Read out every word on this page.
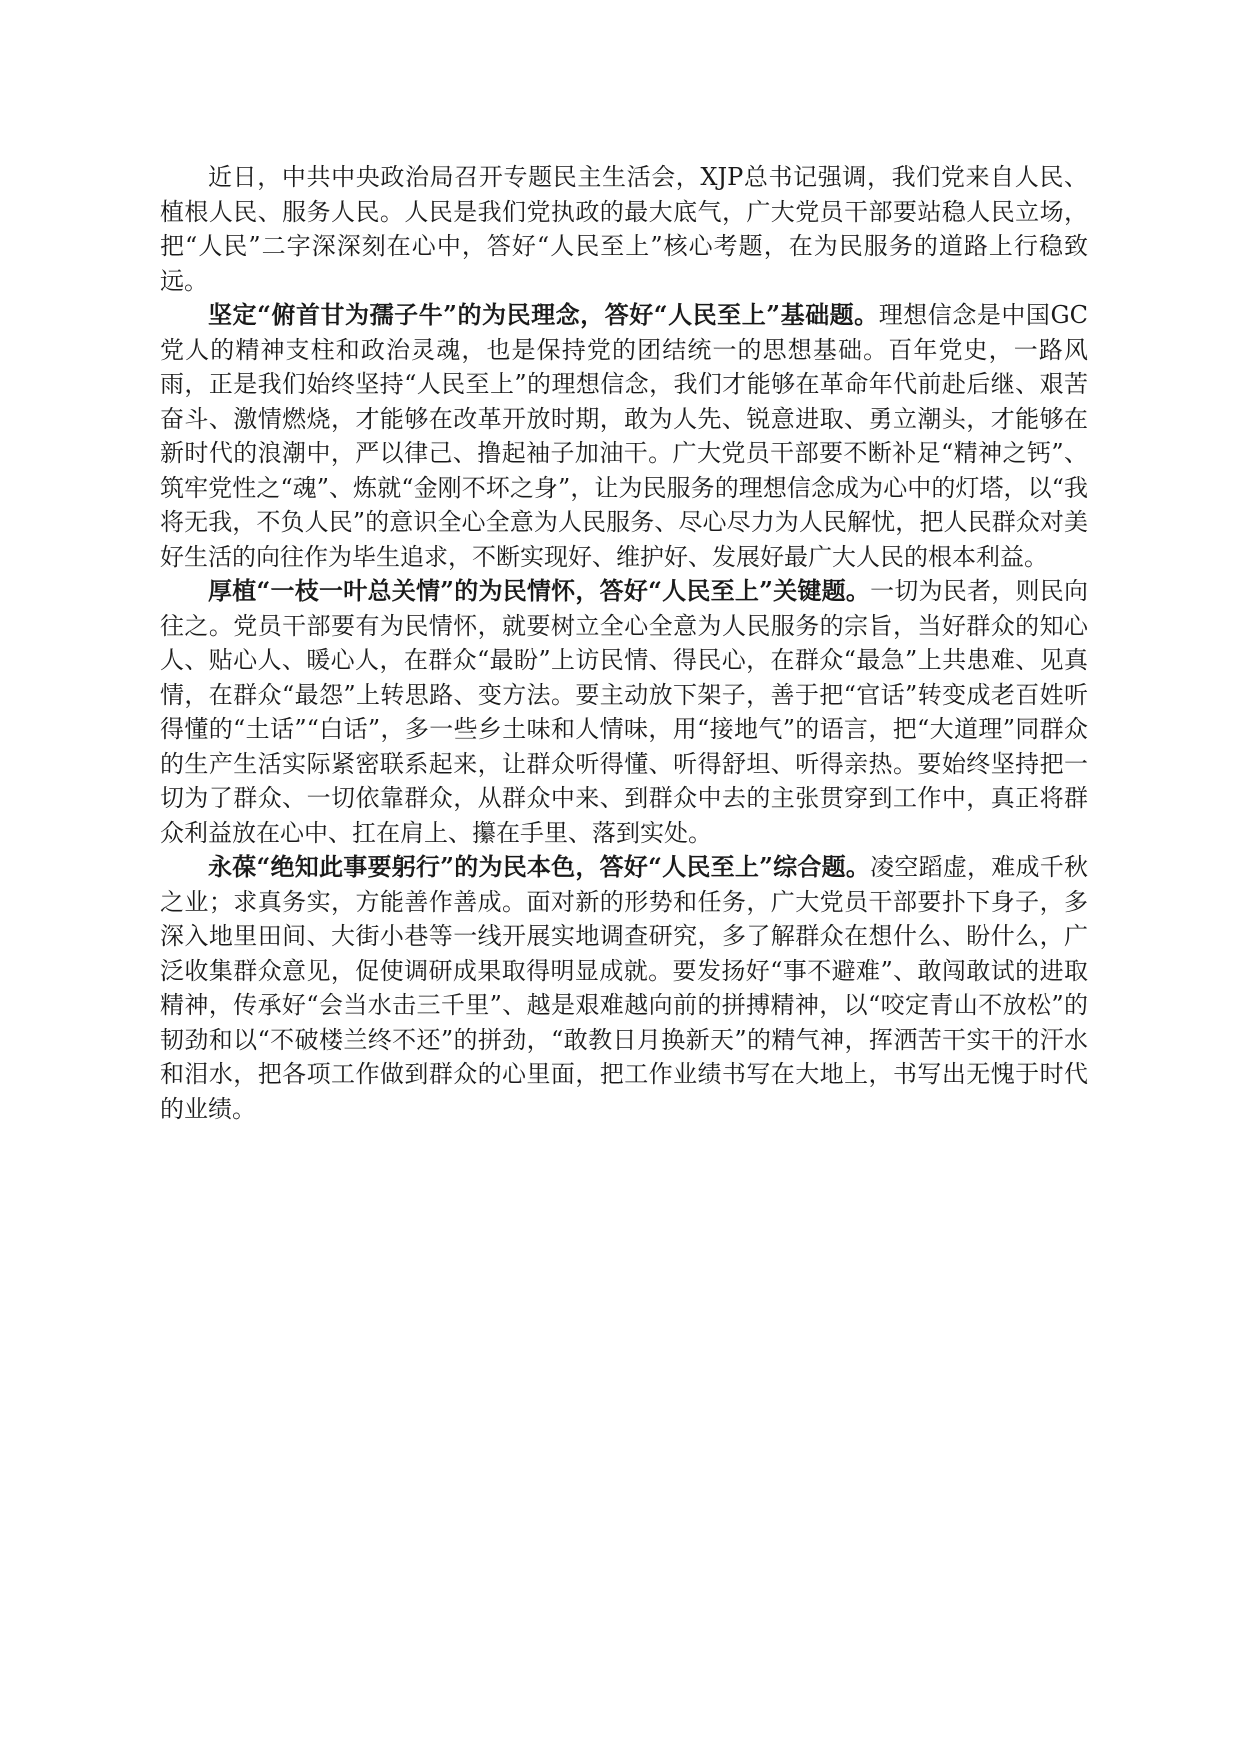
近日，中共中央政治局召开专题民主生活会，XJP总书记强调，我们党来自人民、植根人民、服务人民。人民是我们党执政的最大底气，广大党员干部要站稳人民立场，把“人民”二字深深刻在心中，答好“人民至上”核心考题，在为民服务的道路上行稳致远。

坚定“俯首甘为孺子牛”的为民理念，答好“人民至上”基础题。理想信念是中国GC党人的精神支柱和政治灵魂，也是保持党的团结统一的思想基础。百年党史，一路风雨，正是我们始终坚持“人民至上”的理想信念，我们才能够在革命年代前赴后继、艰苦奋斗、激情燃烧，才能够在改革开放时期，敢为人先、锐意进取、勇立潮头，才能够在新时代的浪潮中，严以律己、撸起袖子加油干。广大党员干部要不断补足“精神之钙”、筑牢党性之“魂”、炼就“金刚不坏之身”，让为民服务的理想信念成为心中的灯塔，以“我将无我，不负人民”的意识全心全意为人民服务、尽心尽力为人民解忧，把人民群众对美好生活的向往作为毕生追求，不断实现好、维护好、发展好最广大人民的根本利益。

厚植“一枝一叶总关情”的为民情怀，答好“人民至上”关键题。一切为民者，则民向往之。党员干部要有为民情怀，就要树立全心全意为人民服务的宗旨，当好群众的知心人、贴心人、暖心人，在群众“最盼”上访民情、得民心，在群众“最急”上共患难、见真情，在群众“最怨”上转思路、变方法。要主动放下架子，善于把“官话”转变成老百姓听得懂的“土话”“白话”，多一些乡土味和人情味，用“接地气”的语言，把“大道理”同群众的生产生活实际紧密联系起来，让群众听得懂、听得舒坦、听得亲热。要始终坚持把一切为了群众、一切依靠群众，从群众中来、到群众中去的主张贯穿到工作中，真正将群众利益放在心中、扛在肩上、攥在手里、落到实处。

永葆“绝知此事要躬行”的为民本色，答好“人民至上”综合题。凌空蹈虚，难成千秋之业；求真务实，方能善作善成。面对新的形势和任务，广大党员干部要扑下身子，多深入地里田间、大街小巷等一线开展实地调查研究，多了解群众在想什么、盼什么，广泛收集群众意见，促使调研成果取得明显成就。要发扬好“事不避难”、敢闯敢试的进取精神，传承好“会当水击三千里”、越是艰难越向前的拼搏精神，以“咬定青山不放松”的韧劲和以“不破楼兰终不还”的拼劲，“敢教日月换新天”的精气神，挥洒苦干实干的汗水和泪水，把各项工作做到群众的心里面，把工作业绩书写在大地上，书写出无愧于时代的业绩。
